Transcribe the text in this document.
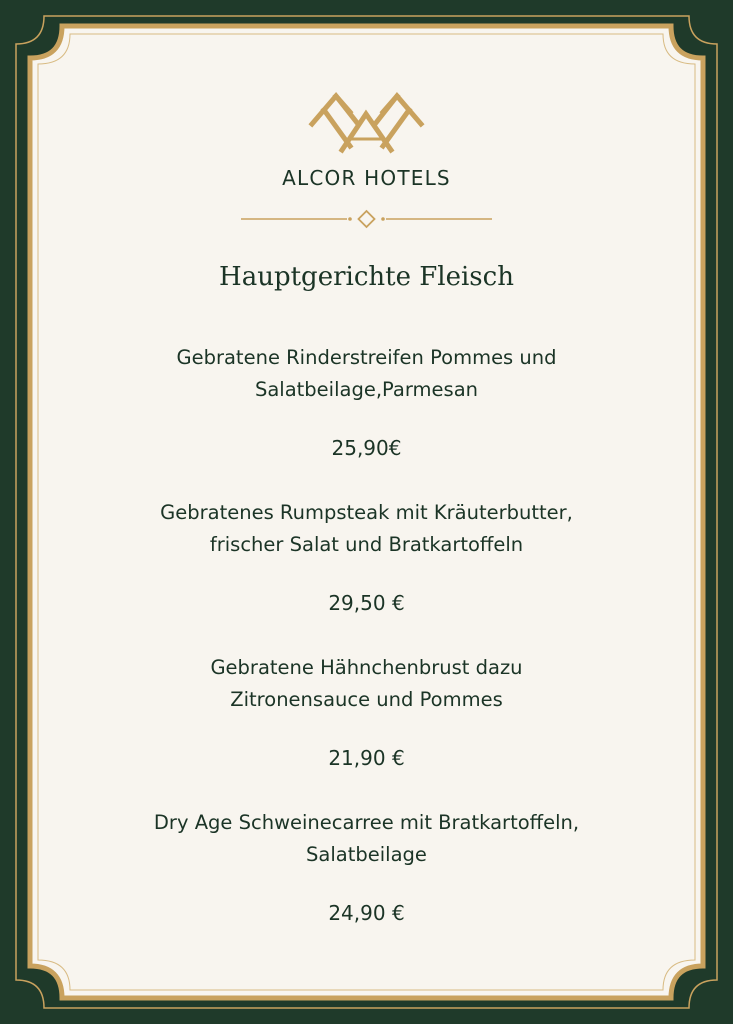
ALCOR HOTELS
Hauptgerichte Fleisch
Gebratene Rinderstreifen Pommes und
Salatbeilage,Parmesan
25,90€
Gebratenes Rumpsteak mit Kräuterbutter,
frischer Salat und Bratkartoffeln
29,50 €
Gebratene Hähnchenbrust dazu
Zitronensauce und Pommes
21,90 €
Dry Age Schweinecarree mit Bratkartoffeln,
Salatbeilage
24,90 €
